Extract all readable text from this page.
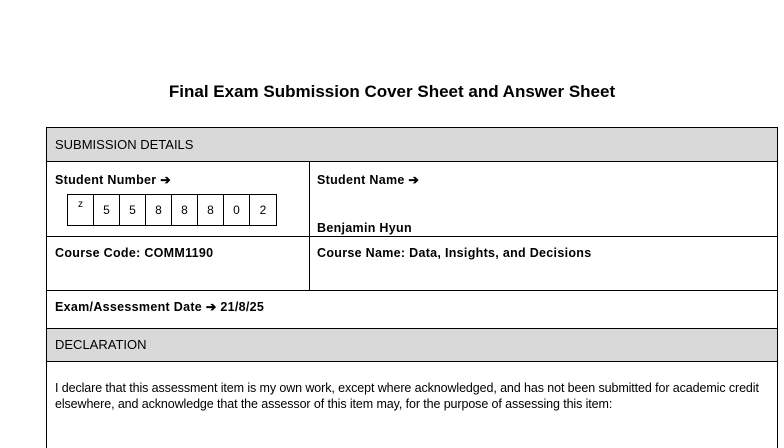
Final Exam Submission Cover Sheet and Answer Sheet
SUBMISSION DETAILS
Student Number ➔
z	5	5	8	8	8	0	2
Student Name ➔
Benjamin Hyun
Course Code: COMM1190	Course Name: Data, Insights, and Decisions
Exam/Assessment Date ➔ 21/8/25
DECLARATION
I declare that this assessment item is my own work, except where acknowledged, and has not been submitted for academic credit elsewhere, and acknowledge that the assessor of this item may, for the purpose of assessing this item:
